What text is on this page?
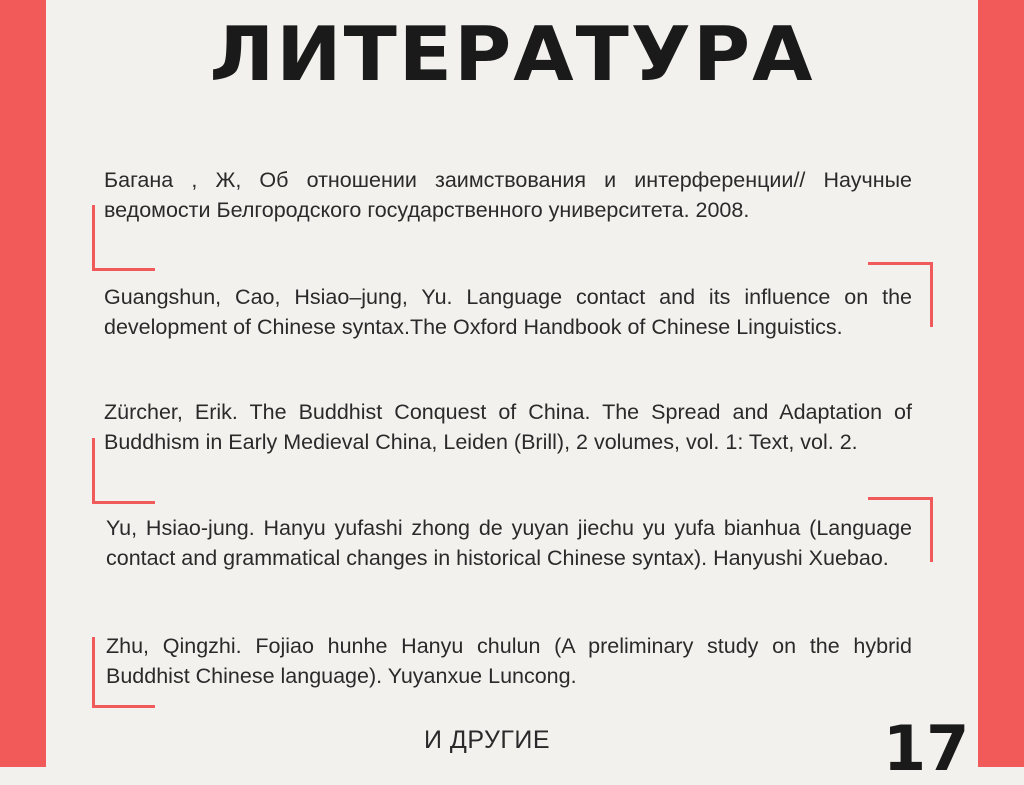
ЛИТЕРАТУРА

Багана , Ж, Об отношении заимствования и интерференции// Научные ведомости Белгородского государственного университета. 2008.

Guangshun, Cao, Hsiao–jung, Yu. Language contact and its influence on the development of Chinese syntax.The Oxford Handbook of Chinese Linguistics.

Zürcher, Erik. The Buddhist Conquest of China. The Spread and Adaptation of Buddhism in Early Medieval China, Leiden (Brill), 2 volumes, vol. 1: Text, vol. 2.

Yu, Hsiao-jung. Hanyu yufashi zhong de yuyan jiechu yu yufa bianhua (Language contact and grammatical changes in historical Chinese syntax). Hanyushi Xuebao.

Zhu, Qingzhi. Fojiao hunhe Hanyu chulun (A preliminary study on the hybrid Buddhist Chinese language). Yuyanxue Luncong.

И ДРУГИЕ	17
